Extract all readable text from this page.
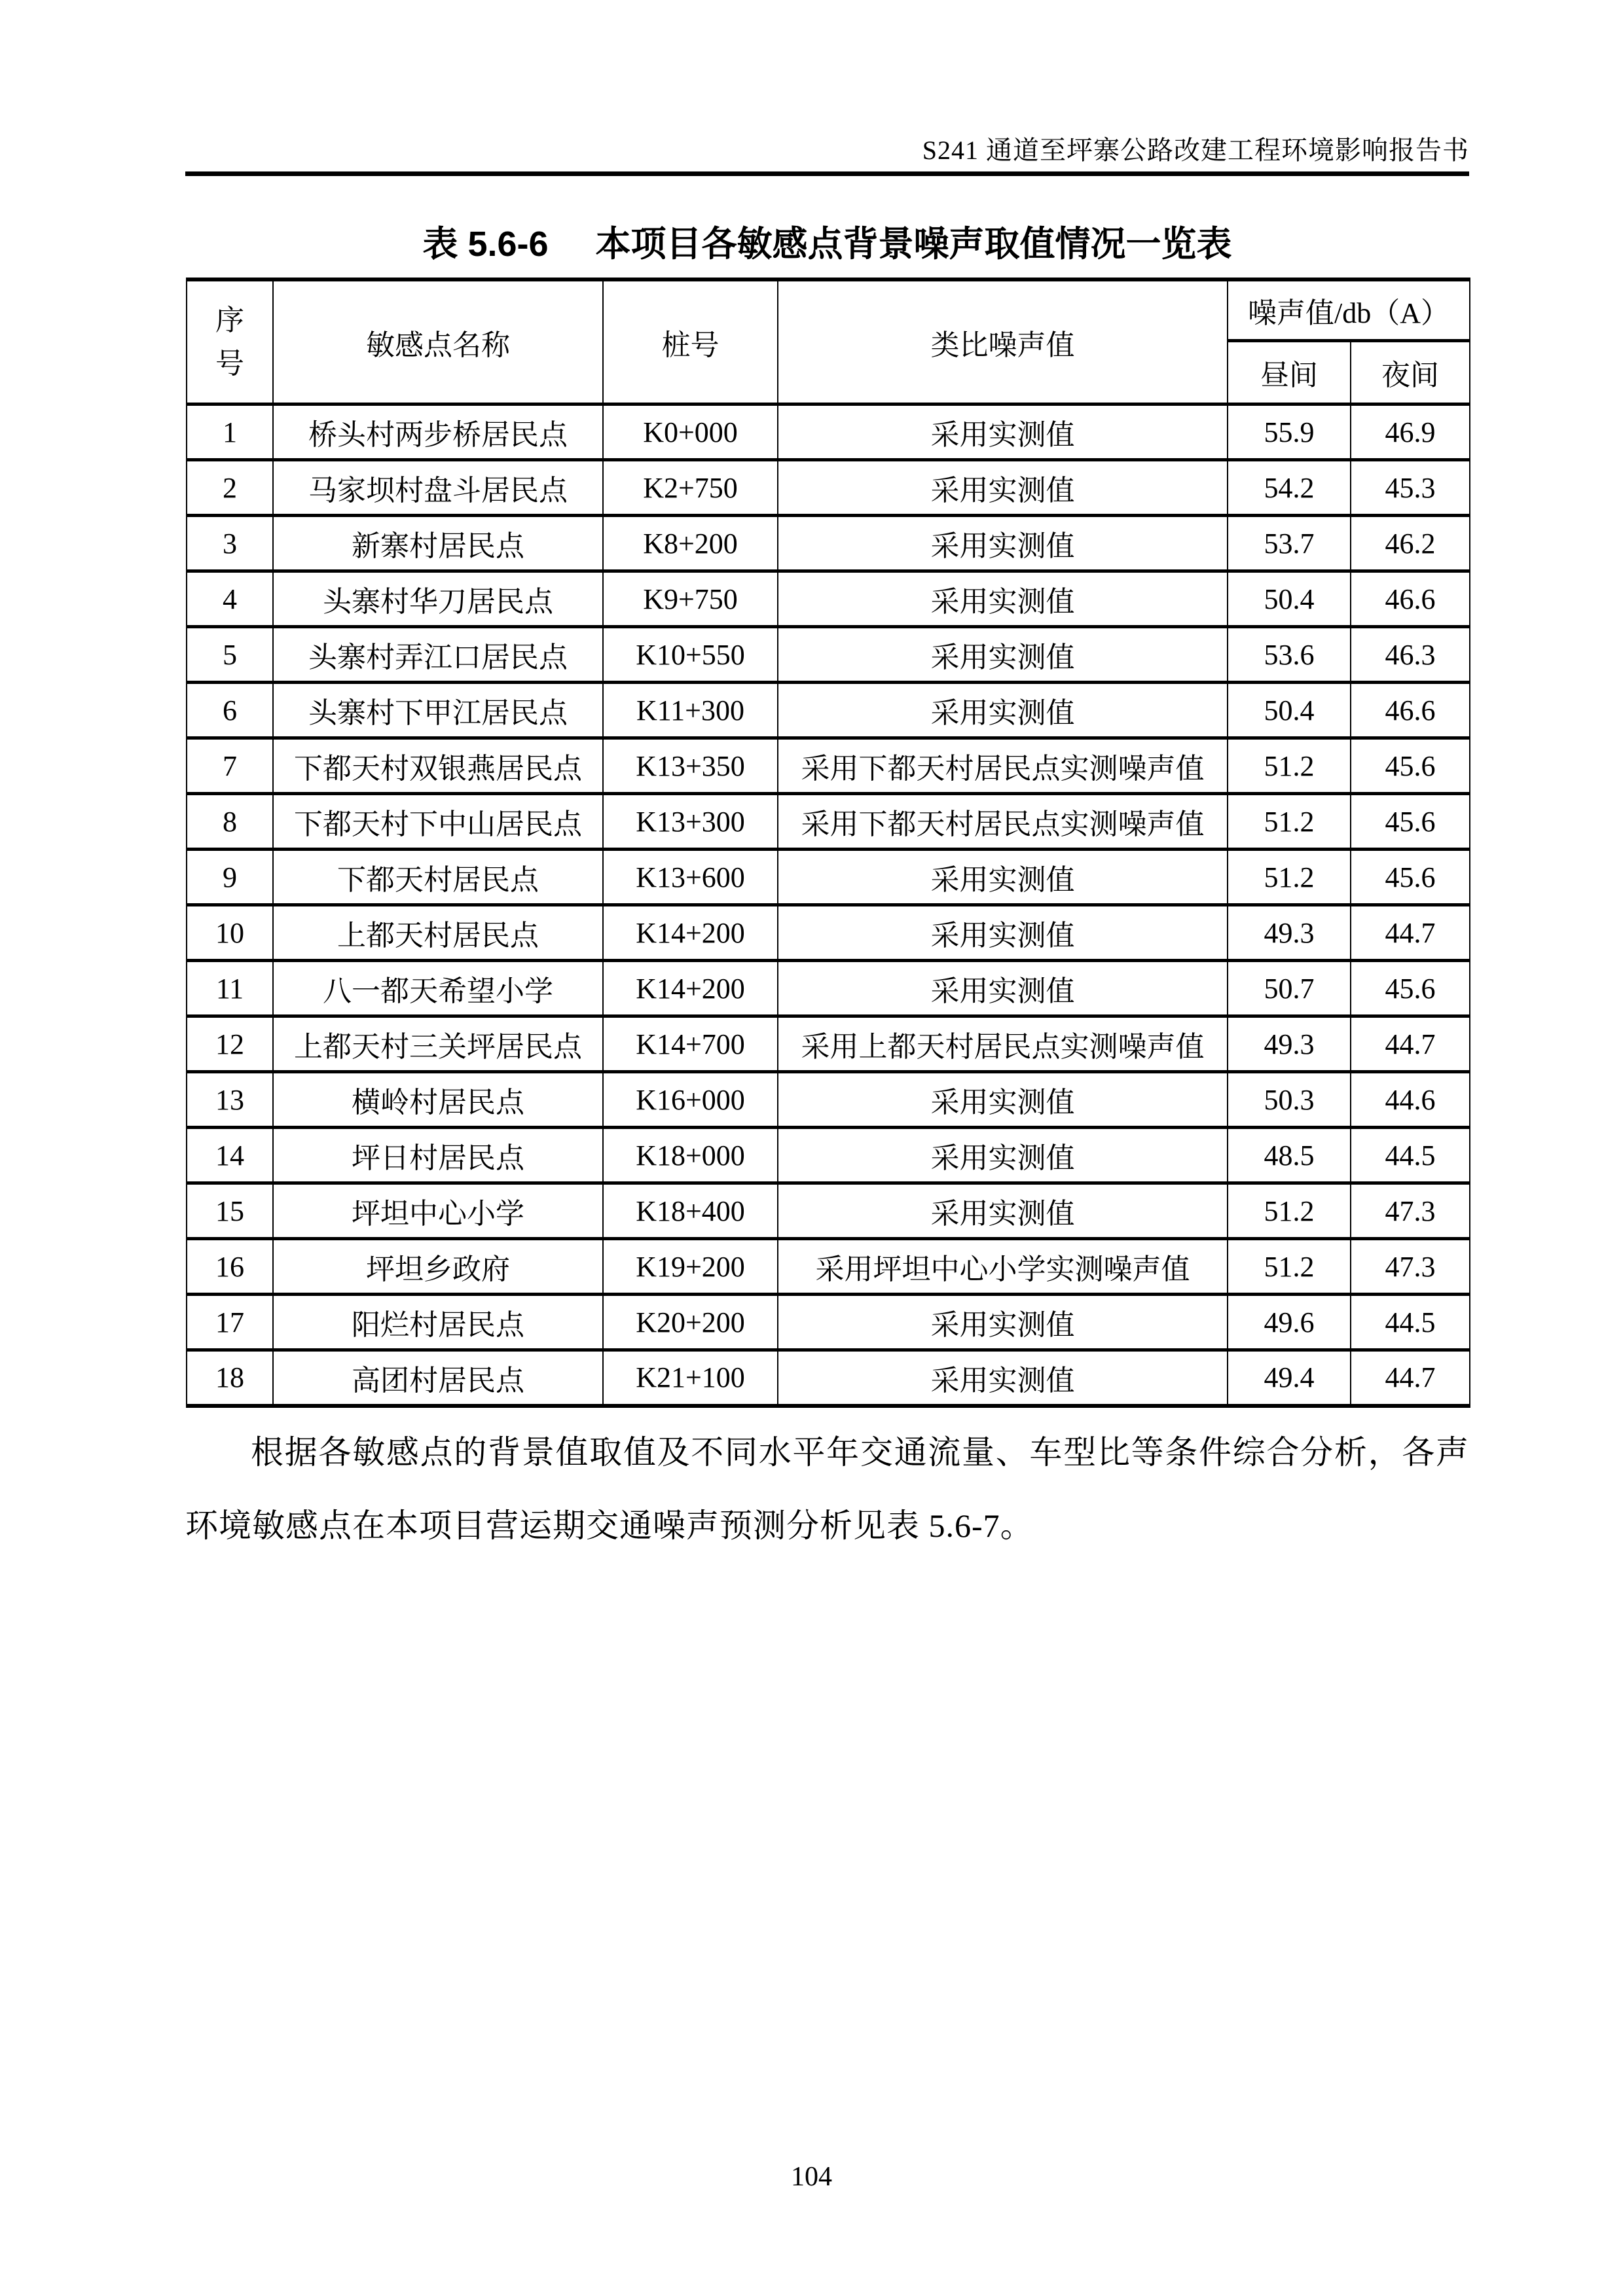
S241 通道至坪寨公路改建工程环境影响报告书
表 5.6-6 本项目各敏感点背景噪声取值情况一览表
序号	敏感点名称	桩号	类比噪声值	噪声值/db（A）	
				昼间	夜间
1	桥头村两步桥居民点	K0+000	采用实测值	55.9	46.9
2	马家坝村盘斗居民点	K2+750	采用实测值	54.2	45.3
3	新寨村居民点	K8+200	采用实测值	53.7	46.2
4	头寨村华刀居民点	K9+750	采用实测值	50.4	46.6
5	头寨村弄江口居民点	K10+550	采用实测值	53.6	46.3
6	头寨村下甲江居民点	K11+300	采用实测值	50.4	46.6
7	下都天村双银燕居民点	K13+350	采用下都天村居民点实测噪声值	51.2	45.6
8	下都天村下中山居民点	K13+300	采用下都天村居民点实测噪声值	51.2	45.6
9	下都天村居民点	K13+600	采用实测值	51.2	45.6
10	上都天村居民点	K14+200	采用实测值	49.3	44.7
11	八一都天希望小学	K14+200	采用实测值	50.7	45.6
12	上都天村三关坪居民点	K14+700	采用上都天村居民点实测噪声值	49.3	44.7
13	横岭村居民点	K16+000	采用实测值	50.3	44.6
14	坪日村居民点	K18+000	采用实测值	48.5	44.5
15	坪坦中心小学	K18+400	采用实测值	51.2	47.3
16	坪坦乡政府	K19+200	采用坪坦中心小学实测噪声值	51.2	47.3
17	阳烂村居民点	K20+200	采用实测值	49.6	44.5
18	高团村居民点	K21+100	采用实测值	49.4	44.7

根据各敏感点的背景值取值及不同水平年交通流量、车型比等条件综合分析，各声环境敏感点在本项目营运期交通噪声预测分析见表 5.6-7。

104
